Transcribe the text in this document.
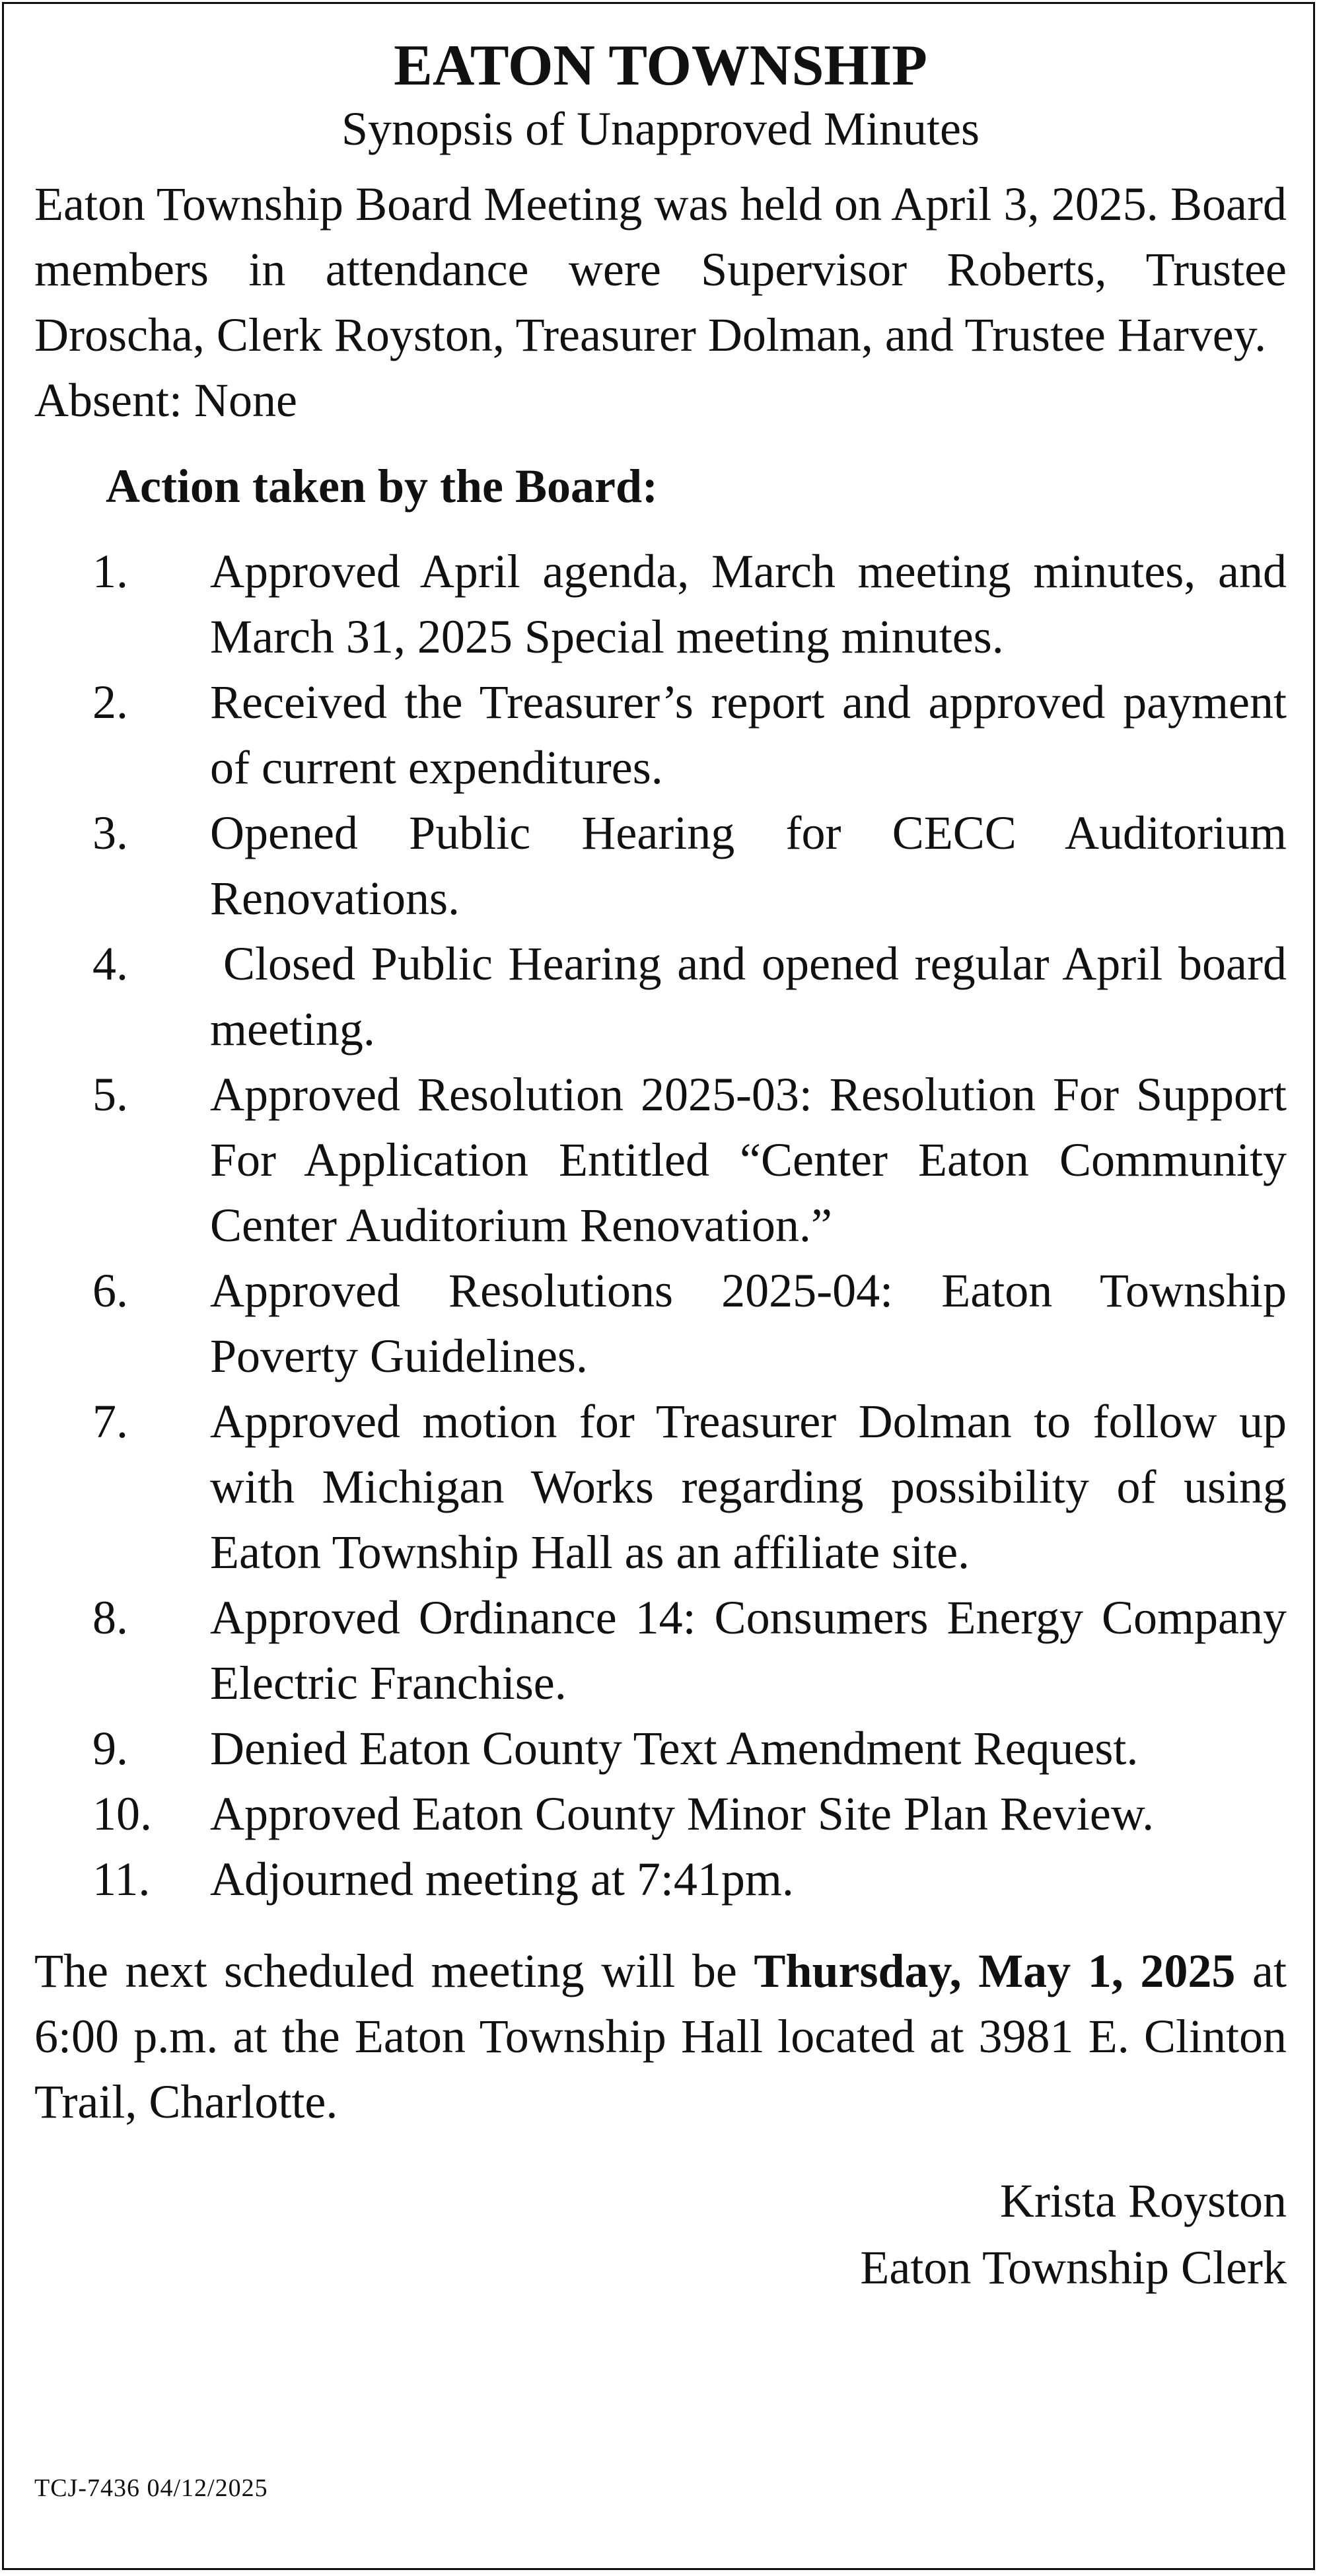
EATON TOWNSHIP
Synopsis of Unapproved Minutes

Eaton Township Board Meeting was held on April 3, 2025. Board members in attendance were Supervisor Roberts, Trustee Droscha, Clerk Royston, Treasurer Dolman, and Trustee Harvey.

Absent: None

Action taken by the Board:
1. Approved April agenda, March meeting minutes, and March 31, 2025 Special meeting minutes.
2. Received the Treasurer’s report and approved payment of current expenditures.
3. Opened Public Hearing for CECC Auditorium Renovations.
4. Closed Public Hearing and opened regular April board meeting.
5. Approved Resolution 2025-03: Resolution For Support For Application Entitled “Center Eaton Community Center Auditorium Renovation.”
6. Approved Resolutions 2025-04: Eaton Township Poverty Guidelines.
7. Approved motion for Treasurer Dolman to follow up with Michigan Works regarding possibility of using Eaton Township Hall as an affiliate site.
8. Approved Ordinance 14: Consumers Energy Company Electric Franchise.
9. Denied Eaton County Text Amendment Request.
10. Approved Eaton County Minor Site Plan Review.
11. Adjourned meeting at 7:41pm.

The next scheduled meeting will be Thursday, May 1, 2025 at 6:00 p.m. at the Eaton Township Hall located at 3981 E. Clinton Trail, Charlotte.

Krista Royston
Eaton Township Clerk
TCJ-7436 04/12/2025
